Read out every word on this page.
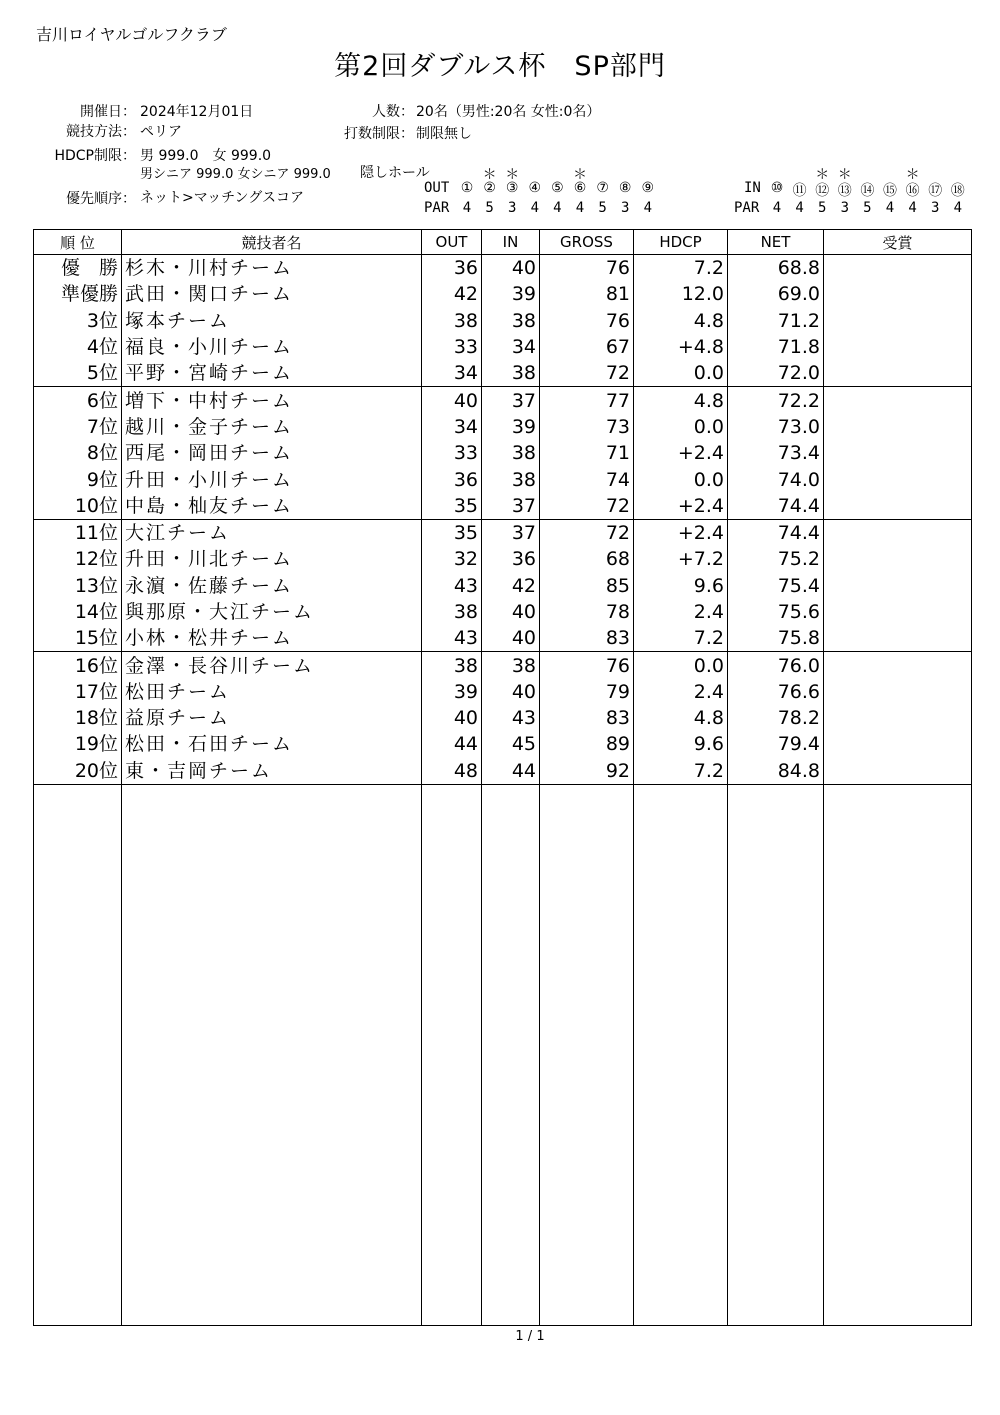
吉川ロイヤルゴルフクラブ
第2回ダブルス杯　SP部門
開催日： 2024年12月01日	人数： 20名（男性:20名 女性:0名）
競技方法： ペリア	打数制限： 制限無し
HDCP制限： 男 999.0　女 999.0
男シニア 999.0 女シニア 999.0 隠しホール
優先順序： ネット>マッチングスコア
＊ ＊	＊
OUT ① ② ③ ④ ⑤ ⑥ ⑦ ⑧ ⑨
PAR 4	5	3	4	4	4	5	3	4
＊ ＊	＊
IN ⑩ ⑪ ⑫ ⑬ ⑭ ⑮ ⑯ ⑰ ⑱
PAR 4	4	5	3	5	4	4	3	4
順 位	競技者名	OUT	IN	GROSS	HDCP	NET	受賞
優　勝	杉木・川村チーム	36	40	76	7.2	68.8	
準優勝	武田・関口チーム	42	39	81	12.0	69.0	
3位	塚本チーム	38	38	76	4.8	71.2	
4位	福良・小川チーム	33	34	67	+4.8	71.8	
5位	平野・宮崎チーム	34	38	72	0.0	72.0	
6位	増下・中村チーム	40	37	77	4.8	72.2	
7位	越川・金子チーム	34	39	73	0.0	73.0	
8位	西尾・岡田チーム	33	38	71	+2.4	73.4	
9位	升田・小川チーム	36	38	74	0.0	74.0	
10位	中島・杣友チーム	35	37	72	+2.4	74.4	
11位	大江チーム	35	37	72	+2.4	74.4	
12位	升田・川北チーム	32	36	68	+7.2	75.2	
13位	永濵・佐藤チーム	43	42	85	9.6	75.4	
14位	與那原・大江チーム	38	40	78	2.4	75.6	
15位	小林・松井チーム	43	40	83	7.2	75.8	
16位	金澤・長谷川チーム	38	38	76	0.0	76.0	
17位	松田チーム	39	40	79	2.4	76.6	
18位	益原チーム	40	43	83	4.8	78.2	
19位	松田・石田チーム	44	45	89	9.6	79.4	
20位	東・吉岡チーム	48	44	92	7.2	84.8	

1 / 1
